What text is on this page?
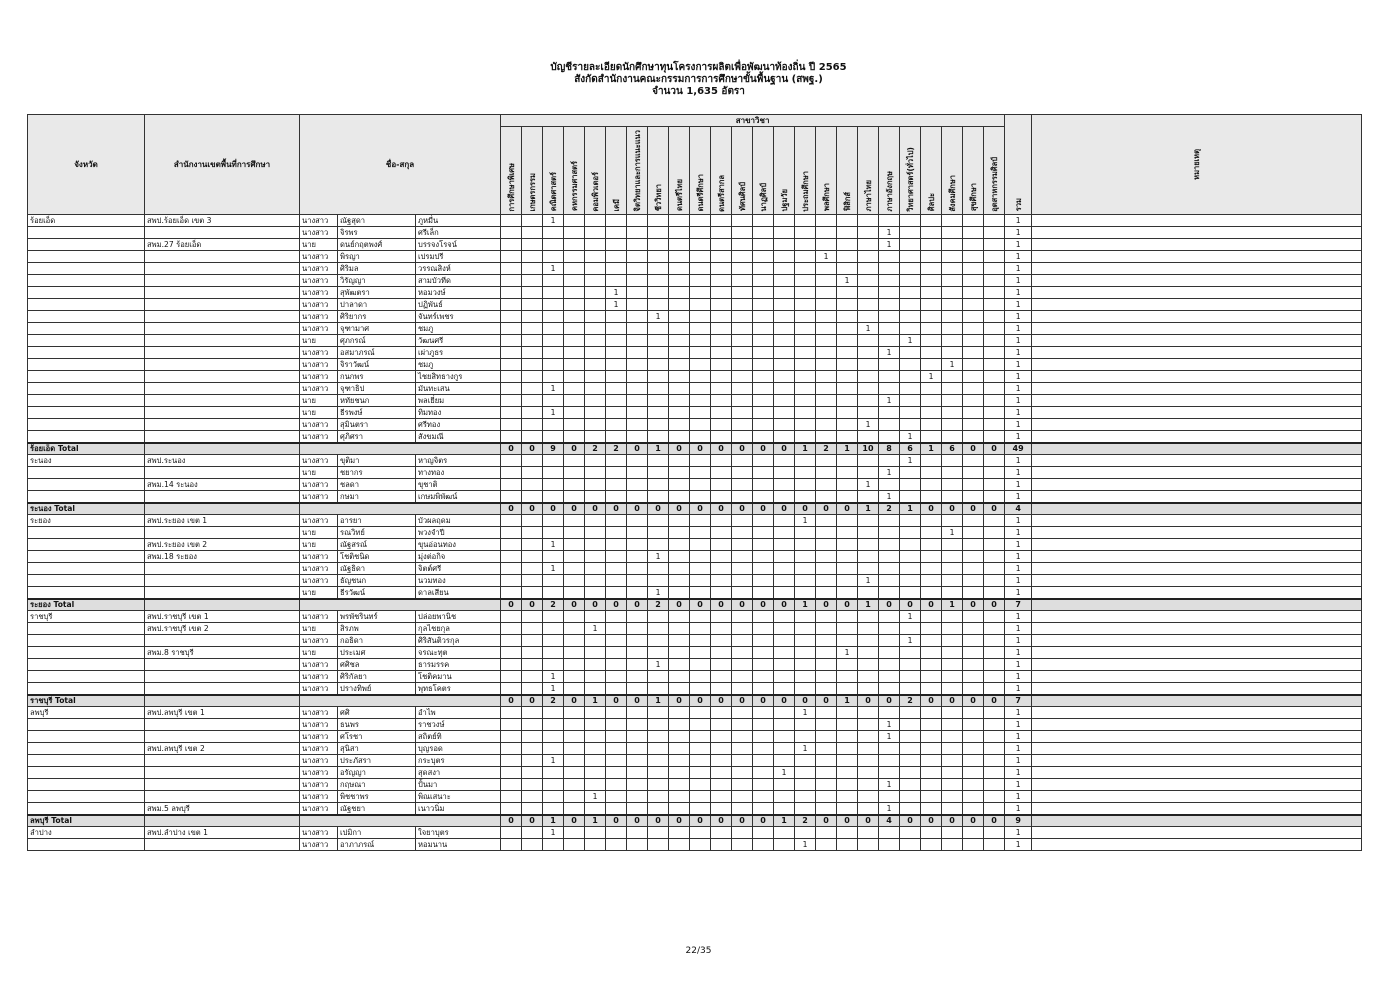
บัญชีรายละเอียดนักศึกษาทุนโครงการผลิตเพื่อพัฒนาท้องถิ่น ปี 2565
สังกัดสำนักงานคณะกรรมการการศึกษาขั้นพื้นฐาน (สพฐ.)
จำนวน 1,635 อัตรา
จังหวัด	สำนักงานเขตพื้นที่การศึกษา	ชื่อ-สกุล			สาขาวิชา																								รวม	หมายเหตุ
					การศึกษาพิเศษ	เกษตรกรรม	คณิตศาสตร์	คหกรรมศาสตร์	คอมพิวเตอร์	เคมี	จิตวิทยาและการแนะแนว	ชีววิทยา	ดนตรีไทย	ดนตรีศึกษา	ดนตรีสากล	ทัศนศิลป์	นาฏศิลป์	ปฐมวัย	ประถมศึกษา	พลศึกษา	ฟิสิกส์	ภาษาไทย	ภาษาอังกฤษ	วิทยาศาสตร์(ทั่วไป)	ศิลปะ	สังคมศึกษา	สุขศึกษา	อุตสาหกรรมศิลป์		
ร้อยเอ็ด	สพป.ร้อยเอ็ด เขต 3	นางสาว	ณัฐสุดา	ภูหมื่น			1																						1	
		นางสาว	จิรพร	ศรีเล็ก																			1						1	
	สพม.27 ร้อยเอ็ด	นาย	ดนย์กฤตพงศ์	บรรจงโรจน์																			1						1	
		นางสาว	พิรญา	เปรมปรี																1									1	
		นางสาว	ศิริมล	วรรณสิงห์			1																						1	
		นางสาว	วิรัญญา	สามบัวทีด																	1								1	
		นางสาว	สุพัฒตรา	หอมวงษ์						1																			1	
		นางสาว	ปาลาดา	ปฏิพันธ์						1																			1	
		นางสาว	ศิริยากร	จันทร์เพชร								1																	1	
		นางสาว	จุฑามาศ	ชมภู																		1							1	
		นาย	ศุภกรณ์	วัฒนศรี																				1					1	
		นางสาว	อสมาภรณ์	เผ่าภูธร																			1						1	
		นางสาว	จิราวัฒน์	ชมภู																						1			1	
		นางสาว	กนกพร	ไชยสิทธางกูร																					1				1	
		นางสาว	จุฑาธิป	มันทะเสน			1																						1	
		นาย	หทัยชนก	พลเยี่ยม																			1						1	
		นาย	ธีรพงษ์	ทิมทอง			1																						1	
		นางสาว	สุมินตรา	ศรีทอง																		1							1	
		นางสาว	ศุภิศรา	สังขมณี																				1					1	
ร้อยเอ็ด Total					0	0	9	0	2	2	0	1	0	0	0	0	0	0	1	2	1	10	8	6	1	6	0	0	49	
ระนอง	สพป.ระนอง	นางสาว	ขุติมา	หาญจิตร																				1					1	
		นาย	ชยากร	ทางทอง																			1						1	
	สพม.14 ระนอง	นางสาว	ชลดา	ขุชาติ																		1							1	
		นางสาว	กษมา	เกษมพิพัฒน์																			1						1	
ระนอง Total					0	0	0	0	0	0	0	0	0	0	0	0	0	0	0	0	0	1	2	1	0	0	0	0	4	
ระยอง	สพป.ระยอง เขต 1	นางสาว	อารยา	บัวผลฤดม															1										1	
		นาย	รณวิทย์	พวงจำปี																						1			1	
	สพป.ระยอง เขต 2	นาย	ณัฐสรณ์	ขุนอ่อนทอง			1																						1	
	สพม.18 ระยอง	นางสาว	โชติชนิด	มุ่งต่อกิจ								1																	1	
		นางสาว	ณัฐธิดา	จิตต์ศรี			1																						1	
		นางสาว	ธัญชนก	นวมทอง																		1							1	
		นาย	ธีรวัฒน์	ดาลเสียน								1																	1	
ระยอง Total					0	0	2	0	0	0	0	2	0	0	0	0	0	0	1	0	0	1	0	0	0	1	0	0	7	
ราชบุรี	สพป.ราชบุรี เขต 1	นางสาว	พรพัชรินทร์	ปล่อยพานิช																				1					1	
	สพป.ราชบุรี เขต 2	นาย	สิรภพ	กุลไชยกุล					1																				1	
		นางสาว	กอธิดา	ศิริสันติวรกุล																				1					1	
	สพม.8 ราชบุรี	นาย	ประเมศ	จรณะทุต																	1								1	
		นางสาว	ศศิชล	ธารมรรค								1																	1	
		นางสาว	ศิริกัลยา	โชติคมาน			1																						1	
		นางสาว	ปรางทิพย์	พุทธโคตร			1																						1	
ราชบุรี Total					0	0	2	0	1	0	0	1	0	0	0	0	0	0	0	0	1	0	0	2	0	0	0	0	7	
ลพบุรี	สพป.ลพบุรี เขต 1	นางสาว	ศศิ	อำไพ															1										1	
		นางสาว	ธนพร	ราชวงษ์																			1						1	
		นางสาว	ศโรชา	สถิตย์ทิ																			1						1	
	สพป.ลพบุรี เขต 2	นางสาว	สุนิสา	บุญรอด															1										1	
		นางสาว	ประภัสรา	กระบุตร			1																						1	
		นางสาว	อรัญญา	สุดสงา														1											1	
		นางสาว	กฤษณา	ปั้นมา																			1						1	
		นางสาว	พิชชาพร	พิณเสนาะ					1																				1	
	สพม.5 ลพบุรี	นางสาว	ณัฐชยา	เนาวนิ่ม																			1						1	
ลพบุรี Total					0	0	1	0	1	0	0	0	0	0	0	0	0	1	2	0	0	0	4	0	0	0	0	0	9	
ลำปาง	สพป.ลำปาง เขต 1	นางสาว	เปมิกา	ใจยาบุตร			1																						1	
		นางสาว	อาภาภรณ์	หอมนาน															1										1	
22/35
